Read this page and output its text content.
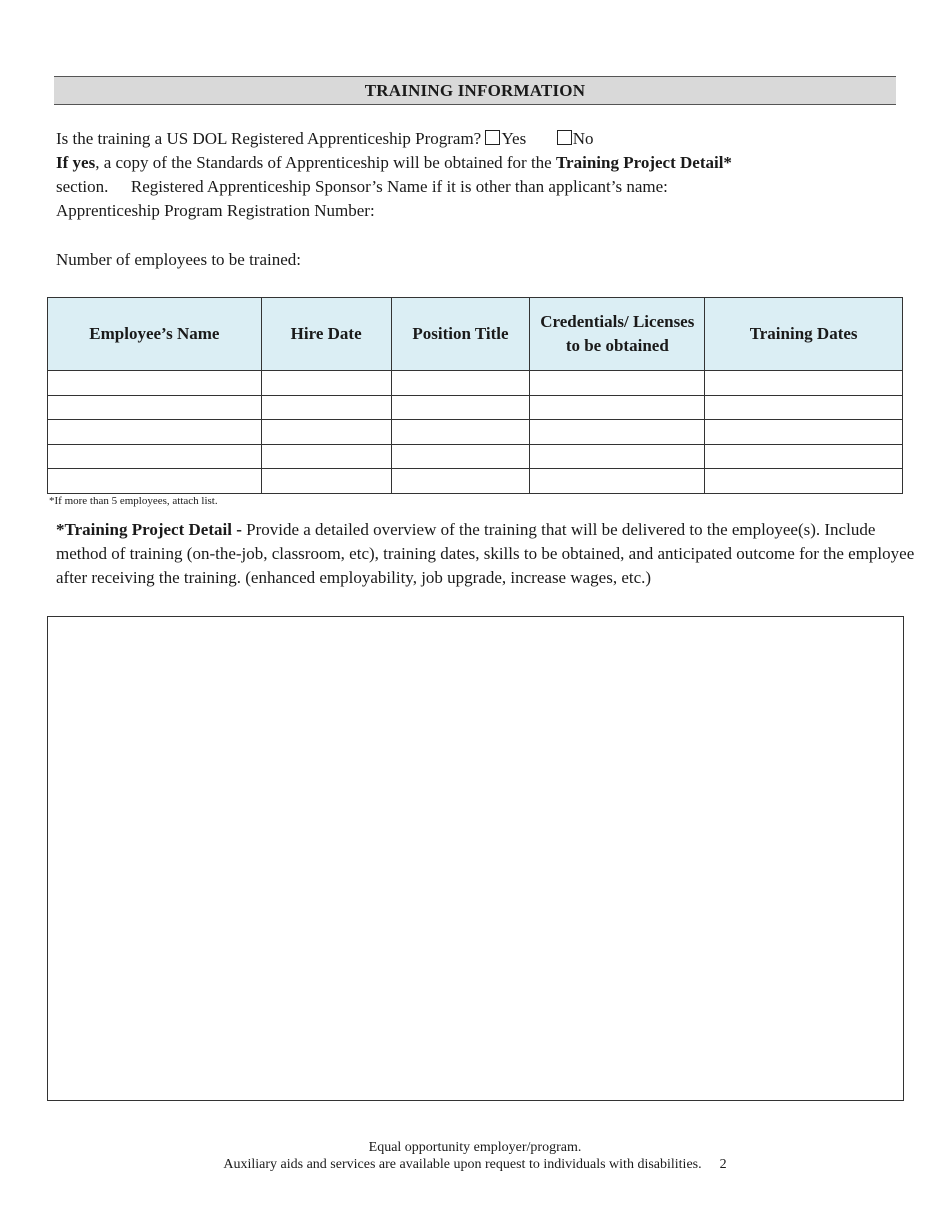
TRAINING INFORMATION
Is the training a US DOL Registered Apprenticeship Program? Yes	No
If yes, a copy of the Standards of Apprenticeship will be obtained for the Training Project Detail*
section. Registered Apprenticeship Sponsor’s Name if it is other than applicant’s name:
Apprenticeship Program Registration Number:
Number of employees to be trained:
Employee’s Name	Hire Date	Position Title	Credentials/ Licenses to be obtained	Training Dates

*If more than 5 employees, attach list.
*Training Project Detail - Provide a detailed overview of the training that will be delivered to the employee(s). Include method of training (on-the-job, classroom, etc), training dates, skills to be obtained, and anticipated outcome for the employee after receiving the training. (enhanced employability, job upgrade, increase wages, etc.)
Equal opportunity employer/program.
Auxiliary aids and services are available upon request to individuals with disabilities. 2
